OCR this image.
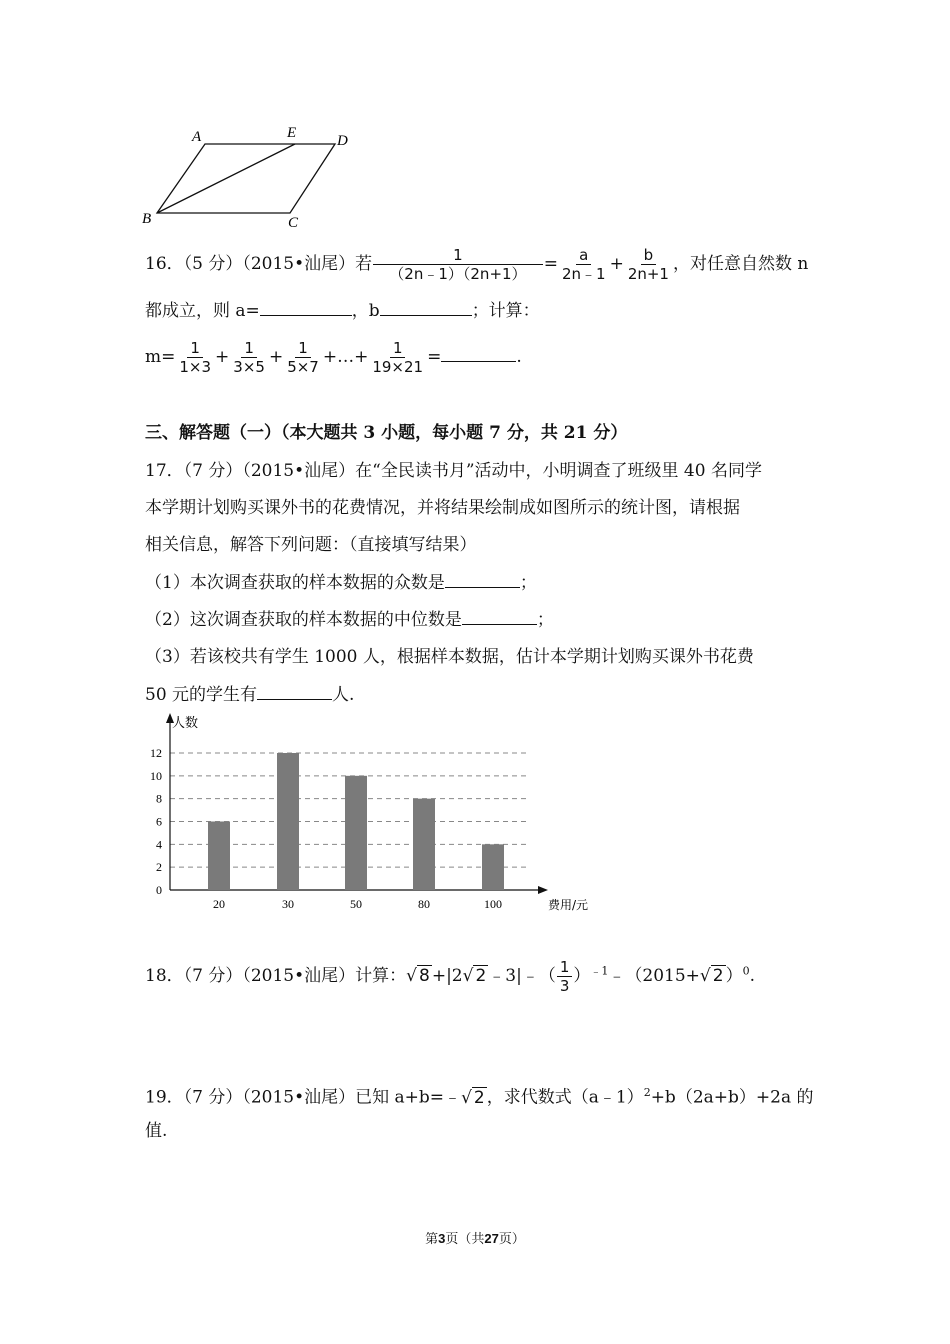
A	E	D
B	C
16．（5 分）（2015•汕尾）若 $\frac{1}{(2n﹣1)(2n+1)} = \frac{a}{2n﹣1} + \frac{b}{2n+1}$ ，对任意自然数 n
都成立，则 a=	，b	；计算：
$m= \frac{1}{1\times 3} + \frac{1}{3\times 5} + \frac{1}{5\times 7}$ +…+ $\frac{1}{19\times 21}$ =	.
三、解答题（一）（本大题共 3 小题，每小题 7 分，共 21 分）
17．（7 分）（2015•汕尾）在“全民读书月”活动中，小明调查了班级里 40 名同学
本学期计划购买课外书的花费情况，并将结果绘制成如图所示的统计图，请根据
相关信息，解答下列问题：（直接填写结果）
（1）本次调查获取的样本数据的众数是	；
（2）这次调查获取的样本数据的中位数是	；
（3）若该校共有学生 1000 人，根据样本数据，估计本学期计划购买课外书花费
50 元的学生有	人.
0
2
4
6
8
10
12
人数
费用/元
20	30	50	80	100
18．（7 分）（2015•汕尾）计算：√ 8 +|2√ 2 ﹣3|﹣（ $\frac{1}{3}$ ）$^{﹣1}$﹣（2015+√ 2 ）$^0$.
19．（7 分）（2015•汕尾）已知 a+b=﹣√ 2 ，求代数式（a﹣1）$^2$+b（2a+b）+2a 的
值.
第3页（共27页）
